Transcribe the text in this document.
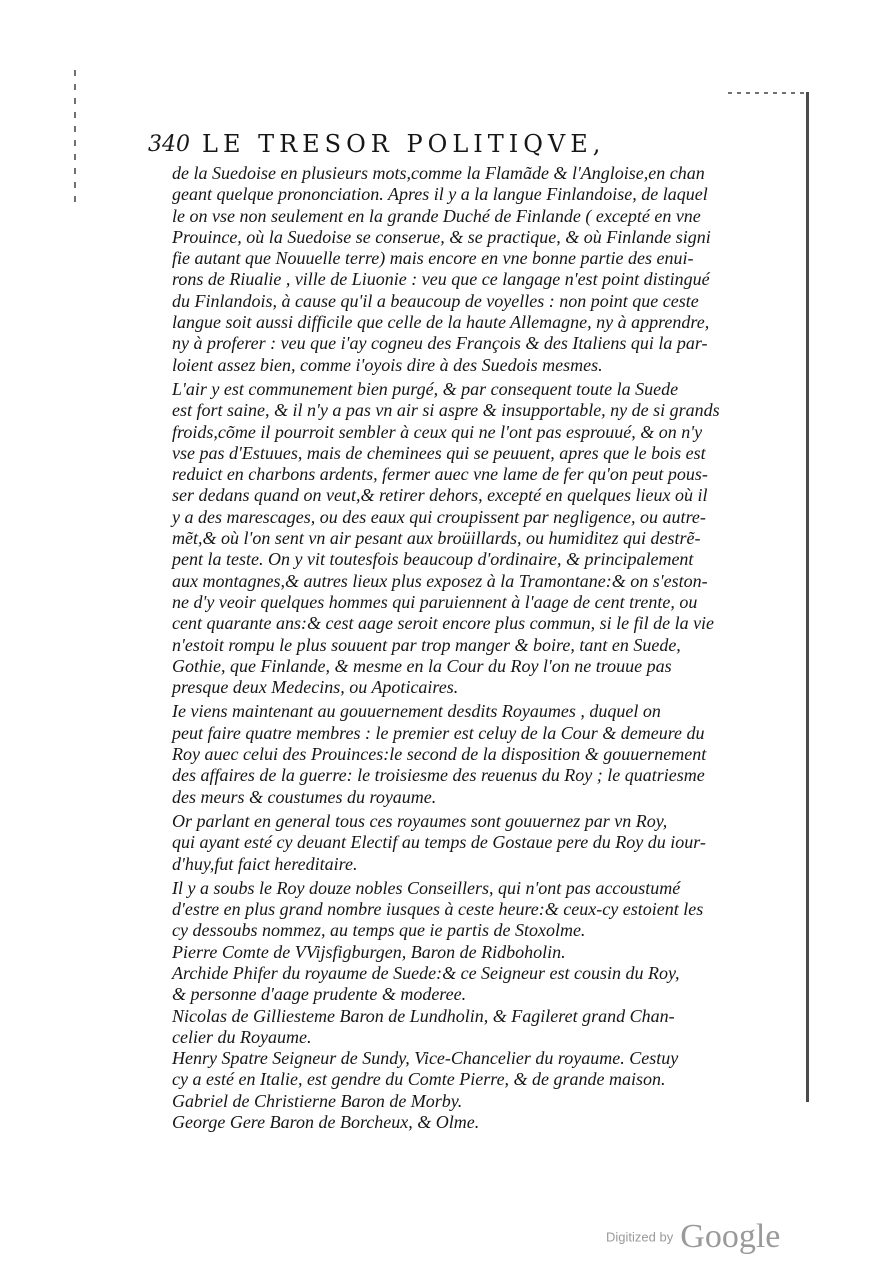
340 LE TRESOR POLITIQVE,
de la Suedoise en plusieurs mots,comme la Flamãde & l'Angloise,en chan
geant quelque prononciation. Apres il y a la langue Finlandoise, de laquel
le on vse non seulement en la grande Duché de Finlande ( excepté en vne
Prouince, où la Suedoise se conserue, & se practique, & où Finlande signi
fie autant que Nouuelle terre) mais encore en vne bonne partie des enui-
rons de Riualie , ville de Liuonie : veu que ce langage n'est point distingué
du Finlandois, à cause qu'il a beaucoup de voyelles : non point que ceste
langue soit aussi difficile que celle de la haute Allemagne, ny à apprendre,
ny à proferer : veu que i'ay cogneu des François & des Italiens qui la par-
loient assez bien, comme i'oyois dire à des Suedois mesmes.
L'air y est communement bien purgé, & par consequent toute la Suede
est fort saine, & il n'y a pas vn air si aspre & insupportable, ny de si grands
froids,cõme il pourroit sembler à ceux qui ne l'ont pas esprouué, & on n'y
vse pas d'Estuues, mais de cheminees qui se peuuent, apres que le bois est
reduict en charbons ardents, fermer auec vne lame de fer qu'on peut pous-
ser dedans quand on veut,& retirer dehors, excepté en quelques lieux où il
y a des marescages, ou des eaux qui croupissent par negligence, ou autre-
mẽt,& où l'on sent vn air pesant aux broüillards, ou humiditez qui destrẽ-
pent la teste. On y vit toutesfois beaucoup d'ordinaire, & principalement
aux montagnes,& autres lieux plus exposez à la Tramontane:& on s'eston-
ne d'y veoir quelques hommes qui paruiennent à l'aage de cent trente, ou
cent quarante ans:& cest aage seroit encore plus commun, si le fil de la vie
n'estoit rompu le plus souuent par trop manger & boire, tant en Suede,
Gothie, que Finlande, & mesme en la Cour du Roy l'on ne trouue pas
presque deux Medecins, ou Apoticaires.
Ie viens maintenant au gouuernement desdits Royaumes , duquel on
peut faire quatre membres : le premier est celuy de la Cour & demeure du
Roy auec celui des Prouinces:le second de la disposition & gouuernement
des affaires de la guerre: le troisiesme des reuenus du Roy ; le quatriesme
des meurs & coustumes du royaume.
Or parlant en general tous ces royaumes sont gouuernez par vn Roy,
qui ayant esté cy deuant Electif au temps de Gostaue pere du Roy du iour-
d'huy,fut faict hereditaire.
Il y a soubs le Roy douze nobles Conseillers, qui n'ont pas accoustumé
d'estre en plus grand nombre iusques à ceste heure:& ceux-cy estoient les
cy dessoubs nommez, au temps que ie partis de Stoxolme.
Pierre Comte de VVijsfigburgen, Baron de Ridboholin.
Archide Phifer du royaume de Suede:& ce Seigneur est cousin du Roy,
& personne d'aage prudente & moderee.
Nicolas de Gilliesteme Baron de Lundholin, & Fagileret grand Chan-
celier du Royaume.
Henry Spatre Seigneur de Sundy, Vice-Chancelier du royaume. Cestuy
cy a esté en Italie, est gendre du Comte Pierre, & de grande maison.
Gabriel de Christierne Baron de Morby.
George Gere Baron de Borcheux, & Olme.
Digitized by Google
